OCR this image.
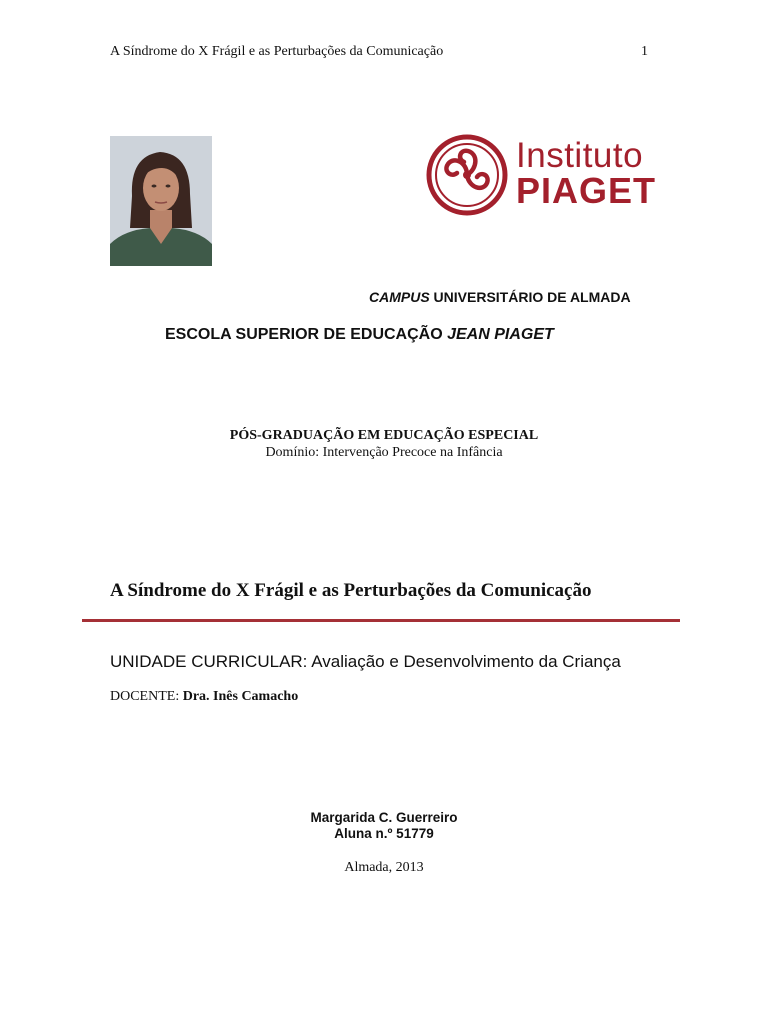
A Síndrome do X Frágil e as Perturbações da Comunicação	1
Instituto
PIAGET
CAMPUS UNIVERSITÁRIO DE ALMADA
ESCOLA SUPERIOR DE EDUCAÇÃO JEAN PIAGET
PÓS-GRADUAÇÃO EM EDUCAÇÃO ESPECIAL
Domínio: Intervenção Precoce na Infância
A Síndrome do X Frágil e as Perturbações da Comunicação
UNIDADE CURRICULAR: Avaliação e Desenvolvimento da Criança
DOCENTE: Dra. Inês Camacho
Margarida C. Guerreiro
Aluna n.º 51779
Almada, 2013
